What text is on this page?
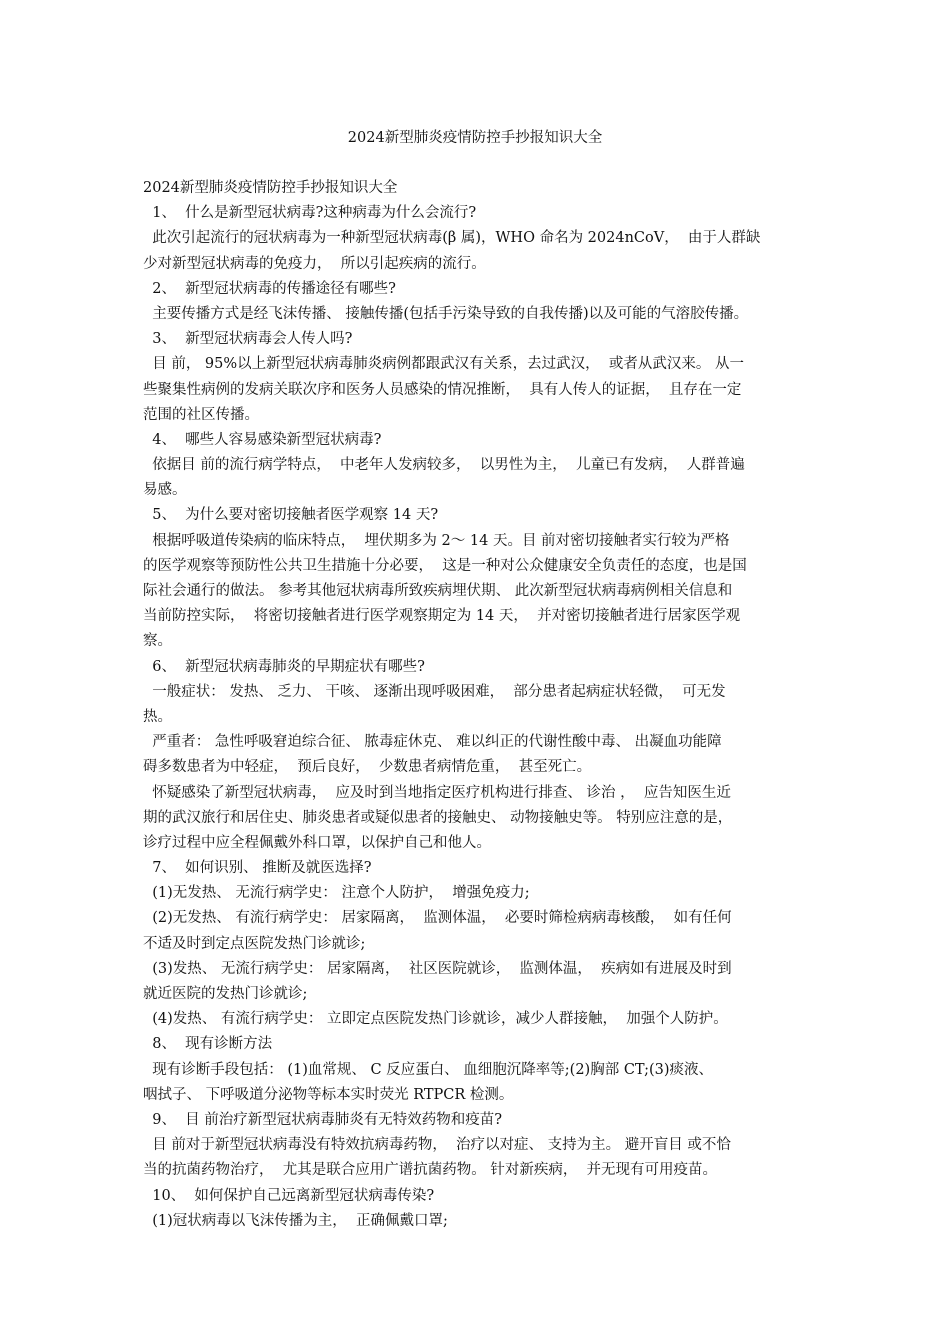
2024新型肺炎疫情防控手抄报知识大全
2024新型肺炎疫情防控手抄报知识大全
1、  什么是新型冠状病毒?这种病毒为什么会流行?
此次引起流行的冠状病毒为一种新型冠状病毒(β 属)，WHO 命名为 2024nCoV，  由于人群缺
少对新型冠状病毒的免疫力，  所以引起疾病的流行。
2、  新型冠状病毒的传播途径有哪些?
主要传播方式是经飞沫传播、 接触传播(包括手污染导致的自我传播)以及可能的气溶胶传播。
3、  新型冠状病毒会人传人吗?
目 前， 95%以上新型冠状病毒肺炎病例都跟武汉有关系，去过武汉，  或者从武汉来。 从一
些聚集性病例的发病关联次序和医务人员感染的情况推断，  具有人传人的证据，  且存在一定
范围的社区传播。
4、  哪些人容易感染新型冠状病毒?
依据目 前的流行病学特点，  中老年人发病较多，  以男性为主，  儿童已有发病，  人群普遍
易感。
5、  为什么要对密切接触者医学观察 14 天?
根据呼吸道传染病的临床特点，  埋伏期多为 2～ 14 天。目 前对密切接触者实行较为严格
的医学观察等预防性公共卫生措施十分必要，  这是一种对公众健康安全负责任的态度，也是国
际社会通行的做法。 参考其他冠状病毒所致疾病埋伏期、 此次新型冠状病毒病例相关信息和
当前防控实际，  将密切接触者进行医学观察期定为 14 天，  并对密切接触者进行居家医学观
察。
6、  新型冠状病毒肺炎的早期症状有哪些?
一般症状： 发热、 乏力、 干咳、 逐渐出现呼吸困难，  部分患者起病症状轻微，  可无发
热。
严重者： 急性呼吸窘迫综合征、 脓毒症休克、 难以纠正的代谢性酸中毒、 出凝血功能障
碍多数患者为中轻症，  预后良好，  少数患者病情危重，  甚至死亡。
怀疑感染了新型冠状病毒，  应及时到当地指定医疗机构进行排查、 诊治 ，  应告知医生近
期的武汉旅行和居住史、肺炎患者或疑似患者的接触史、 动物接触史等。 特别应注意的是，
诊疗过程中应全程佩戴外科口罩，以保护自己和他人。
7、  如何识别、 推断及就医选择?
(1)无发热、 无流行病学史： 注意个人防护，  增强免疫力;
(2)无发热、 有流行病学史： 居家隔离，  监测体温，  必要时筛检病病毒核酸，  如有任何
不适及时到定点医院发热门诊就诊;
(3)发热、 无流行病学史： 居家隔离，  社区医院就诊，  监测体温，  疾病如有进展及时到
就近医院的发热门诊就诊;
(4)发热、 有流行病学史： 立即定点医院发热门诊就诊，减少人群接触，  加强个人防护。
8、  现有诊断方法
现有诊断手段包括： (1)血常规、 C 反应蛋白、 血细胞沉降率等;(2)胸部 CT;(3)痰液、
咽拭子、 下呼吸道分泌物等标本实时荧光 RTPCR 检测。
9、  目 前治疗新型冠状病毒肺炎有无特效药物和疫苗?
目 前对于新型冠状病毒没有特效抗病毒药物，  治疗以对症、 支持为主。 避开盲目 或不恰
当的抗菌药物治疗，  尤其是联合应用广谱抗菌药物。 针对新疾病，  并无现有可用疫苗。
10、  如何保护自己远离新型冠状病毒传染?
(1)冠状病毒以飞沫传播为主，  正确佩戴口罩;
